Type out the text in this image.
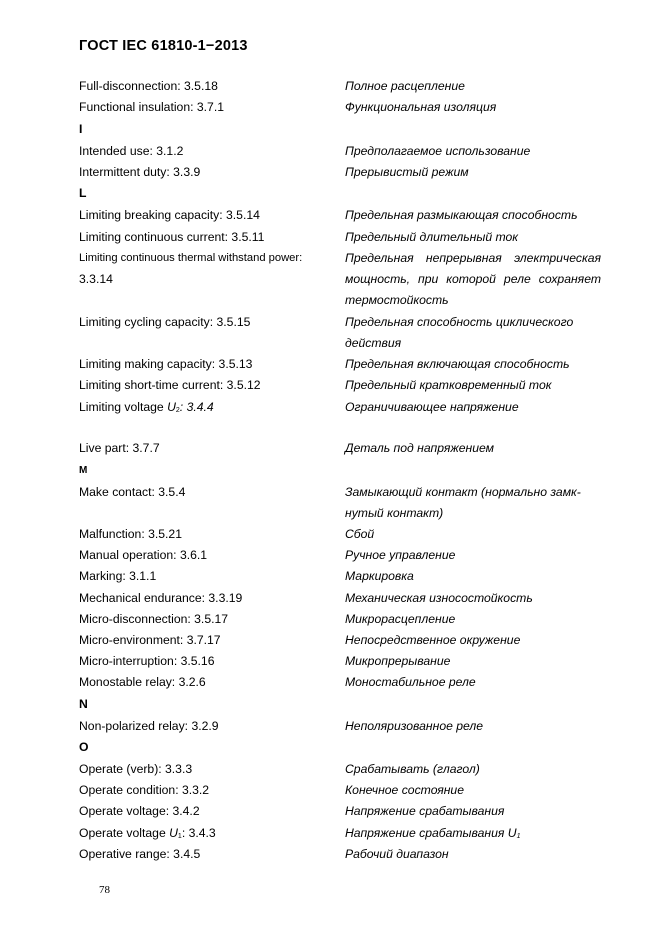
ГОСТ IEC 61810-1−2013
Full-disconnection: 3.5.18	Полное расцепление
Functional insulation: 3.7.1	Функциональная изоляция
I
Intended use: 3.1.2	Предполагаемое использование
Intermittent duty: 3.3.9	Прерывистый режим
L
Limiting breaking capacity: 3.5.14	Предельная размыкающая способность
Limiting continuous current: 3.5.11	Предельный длительный ток
Limiting continuous thermal withstand power:	Предельная непрерывная электрическая
3.3.14	мощность, при которой реле сохраняет
термостойкость
Limiting cycling capacity: 3.5.15	Предельная способность циклического
действия
Limiting making capacity: 3.5.13	Предельная включающая способность
Limiting short-time current: 3.5.12	Предельный кратковременный ток
Limiting voltage $U_2$: 3.4.4	Ограничивающее напряжение
Live part: 3.7.7	Деталь под напряжением
M
Make contact: 3.5.4	Замыкающий контакт (нормально замк-
нутый контакт)
Malfunction: 3.5.21	Сбой
Manual operation: 3.6.1	Ручное управление
Marking: 3.1.1	Маркировка
Mechanical endurance: 3.3.19	Механическая износостойкость
Micro-disconnection: 3.5.17	Микрорасцепление
Micro-environment: 3.7.17	Непосредственное окружение
Micro-interruption: 3.5.16	Микропрерывание
Monostable relay: 3.2.6	Моностабильное реле
N
Non-polarized relay: 3.2.9	Неполяризованное реле
O
Operate (verb): 3.3.3	Срабатывать (глагол)
Operate condition: 3.3.2	Конечное состояние
Operate voltage: 3.4.2	Напряжение срабатывания
Operate voltage $U_1$: 3.4.3	Напряжение срабатывания $U_1$
Operative range: 3.4.5	Рабочий диапазон
78
